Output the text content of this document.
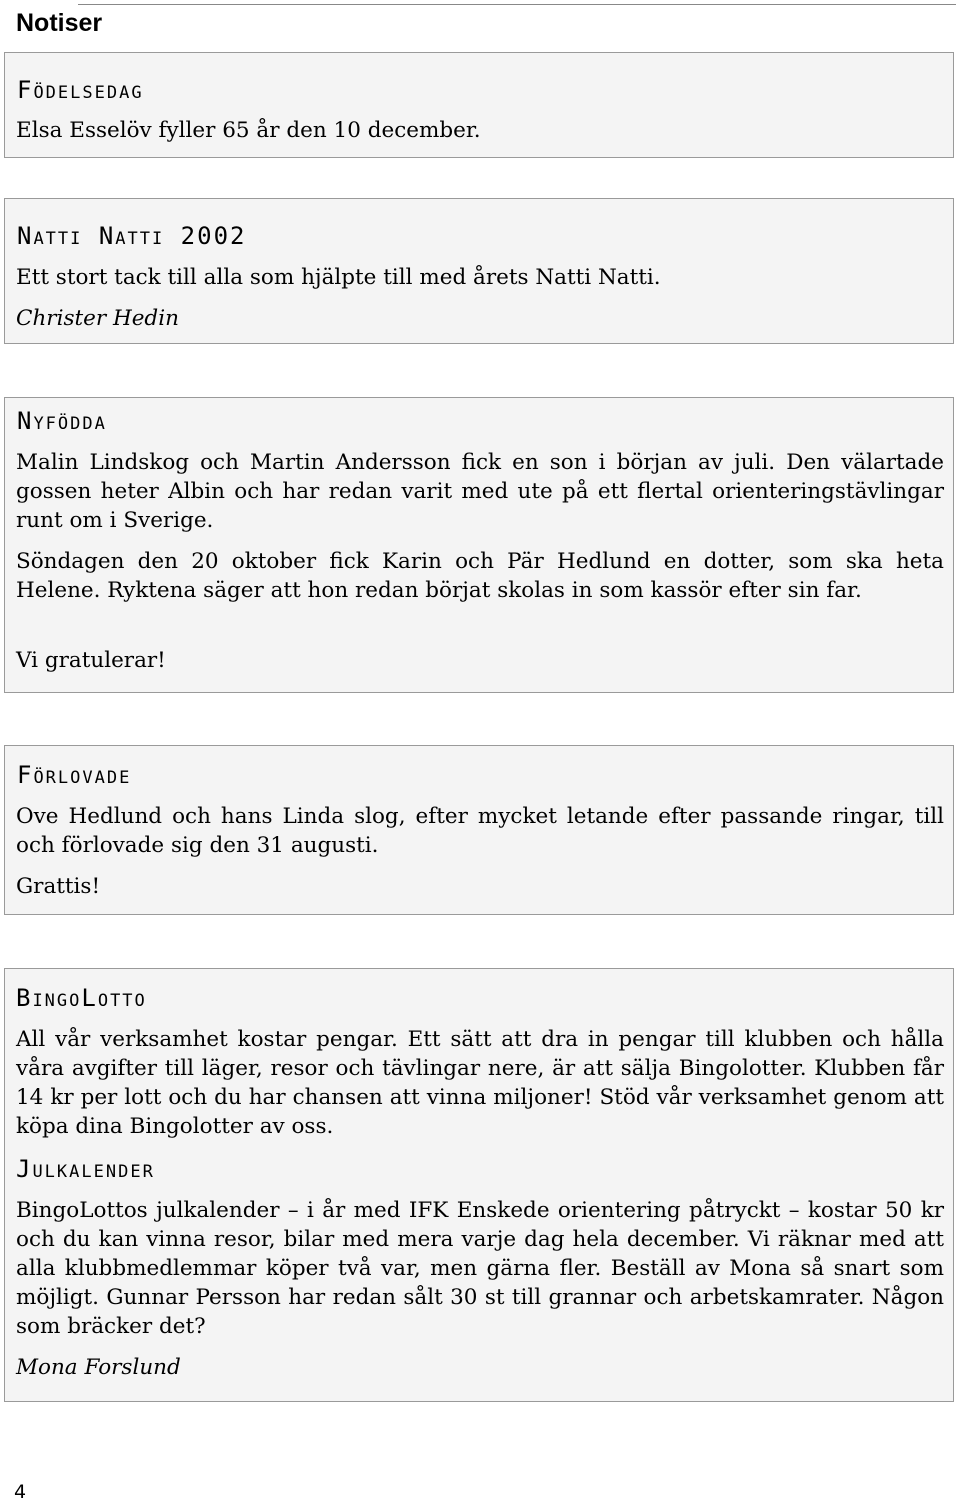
Notiser
Födelsedag
Elsa Esselöv fyller 65 år den 10 december.
Natti Natti 2002
Ett stort tack till alla som hjälpte till med årets Natti Natti.
Christer Hedin
Nyfödda
Malin Lindskog och Martin Andersson fick en son i början av juli. Den välartade gossen heter Albin och har redan varit med ute på ett flertal orienteringstävlingar runt om i Sverige.
Söndagen den 20 oktober fick Karin och Pär Hedlund en dotter, som ska heta Helene. Ryktena säger att hon redan börjat skolas in som kassör efter sin far.
Vi gratulerar!
Förlovade
Ove Hedlund och hans Linda slog, efter mycket letande efter passande ringar, till och förlovade sig den 31 augusti.
Grattis!
BingoLotto
All vår verksamhet kostar pengar. Ett sätt att dra in pengar till klubben och hålla våra avgifter till läger, resor och tävlingar nere, är att sälja Bingolotter. Klubben får 14 kr per lott och du har chansen att vinna miljoner! Stöd vår verksamhet genom att köpa dina Bingolotter av oss.
Julkalender
BingoLottos julkalender – i år med IFK Enskede orientering påtryckt – kostar 50 kr och du kan vinna resor, bilar med mera varje dag hela december. Vi räknar med att alla klubbmedlemmar köper två var, men gärna fler. Beställ av Mona så snart som möjligt. Gunnar Persson har redan sålt 30 st till grannar och arbetskamrater. Någon som bräcker det?
Mona Forslund
4
